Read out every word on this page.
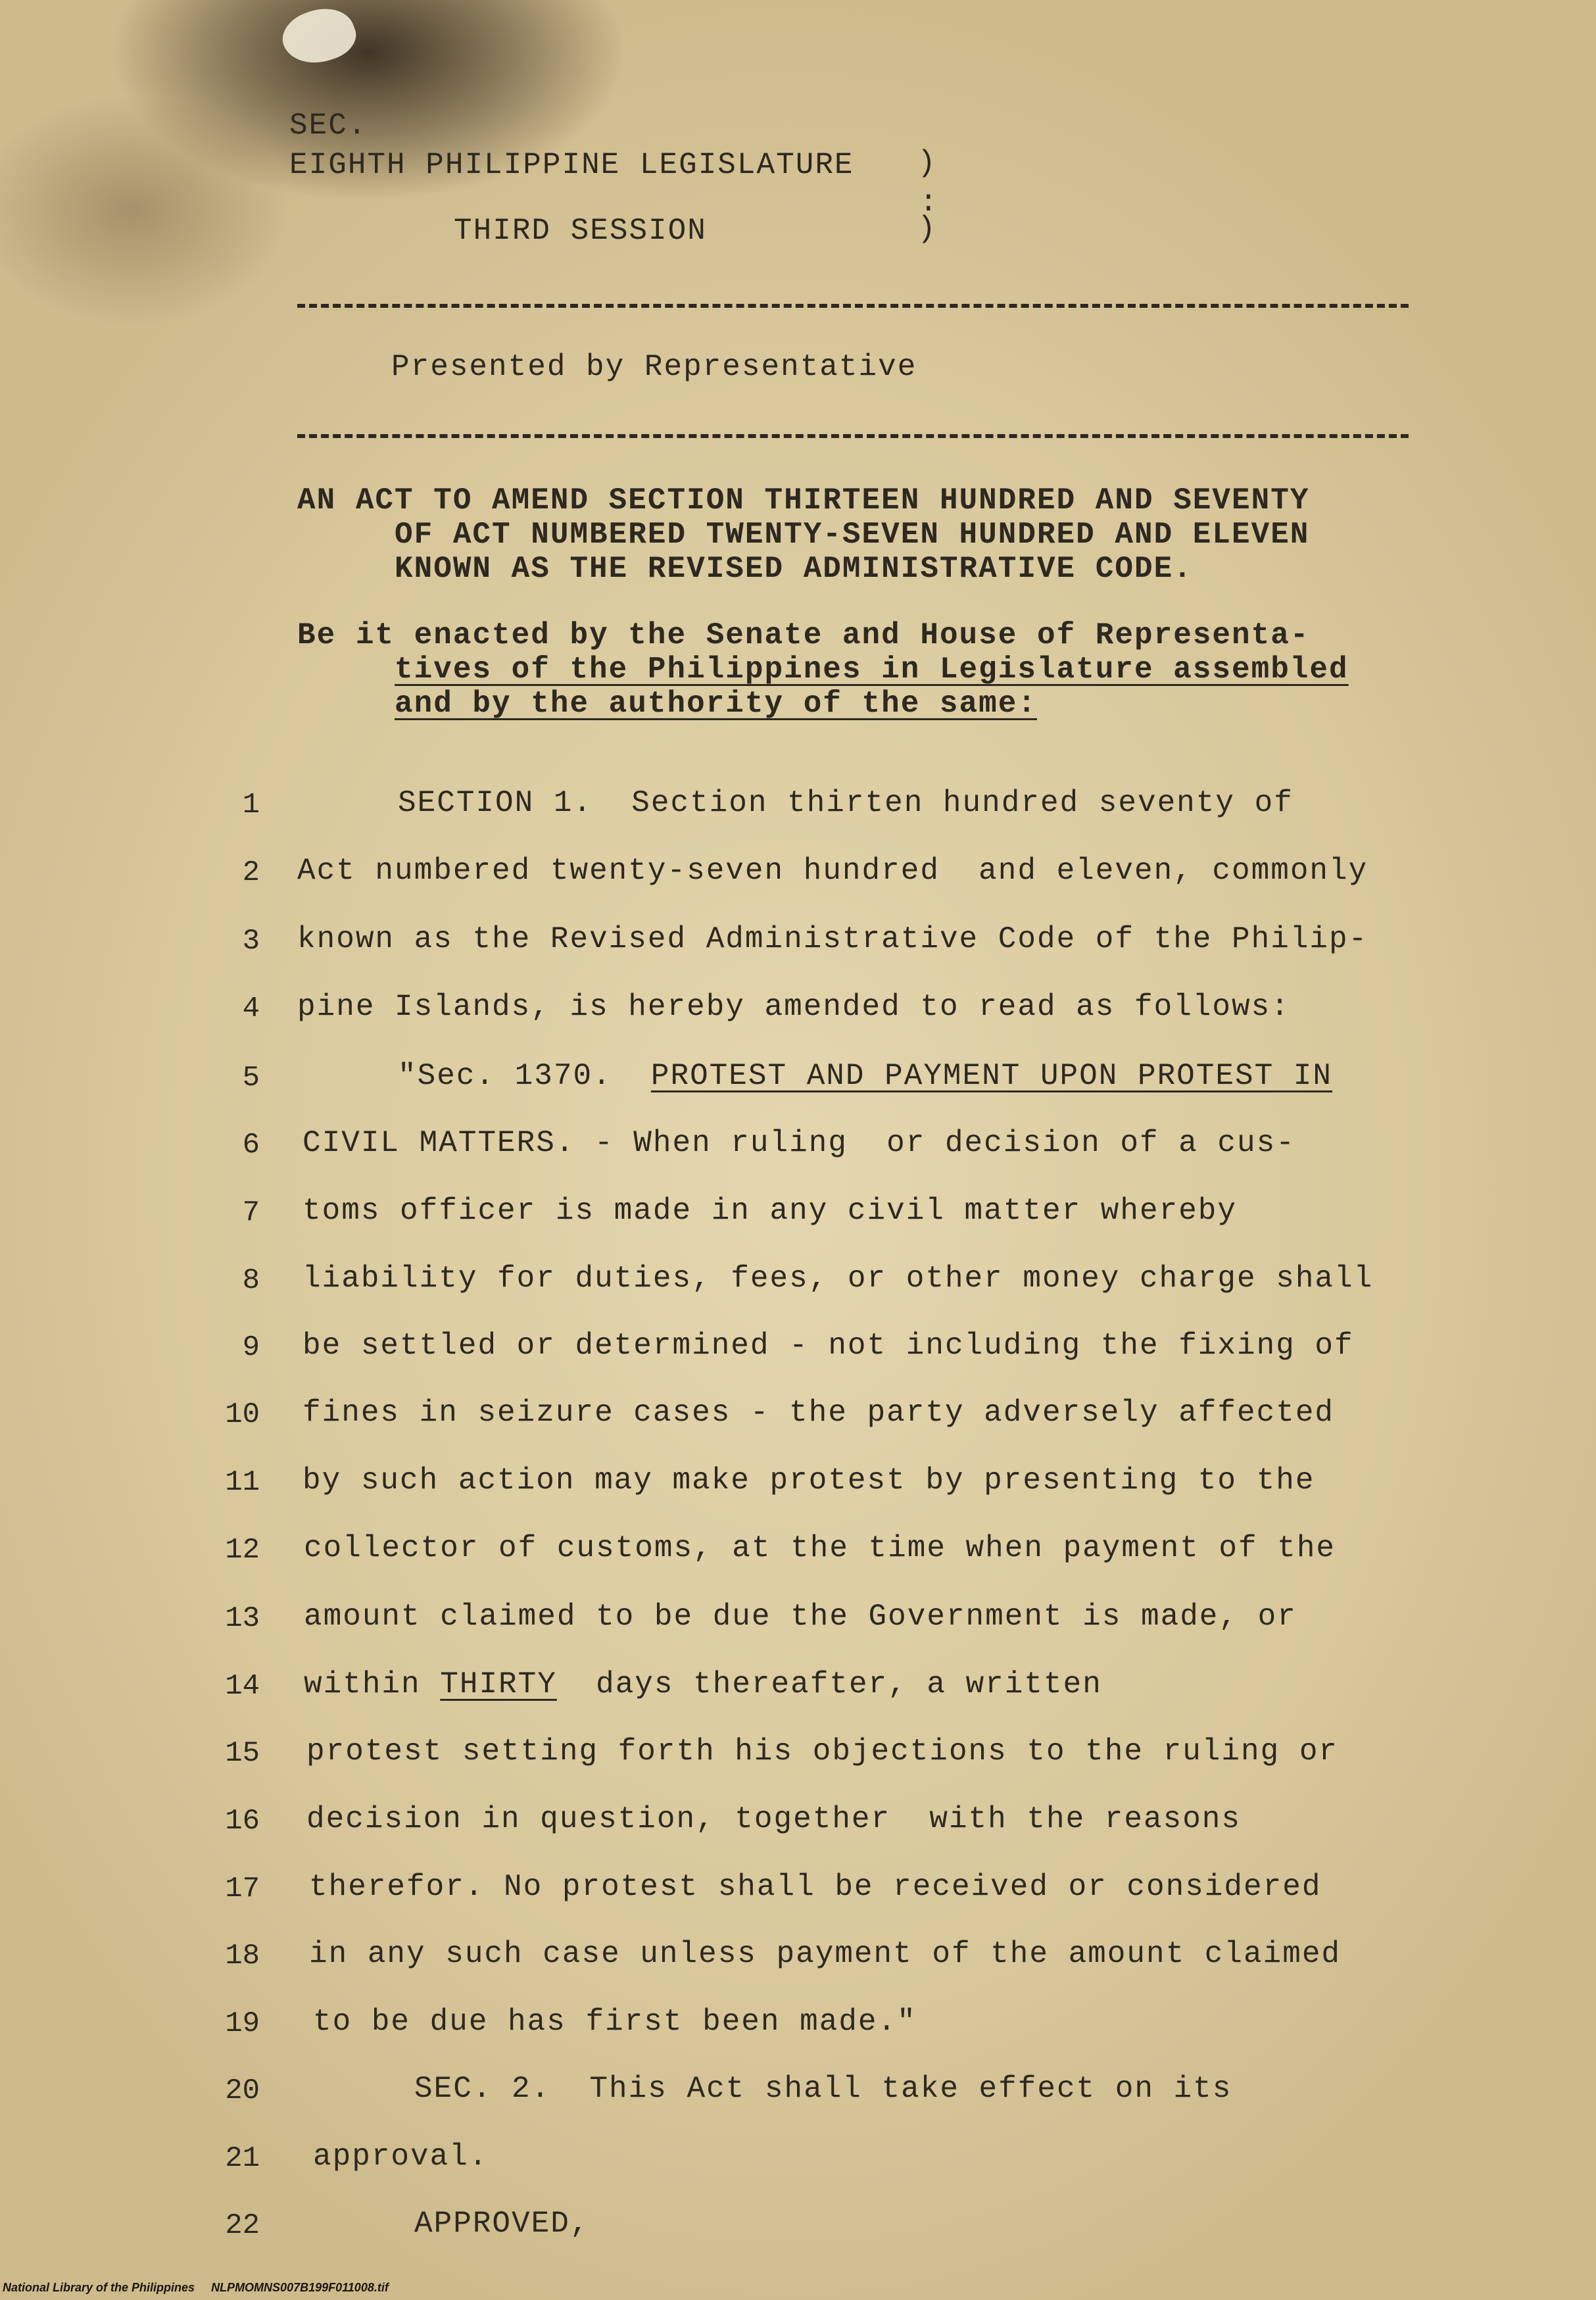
SEC.
EIGHTH PHILIPPINE LEGISLATURE )
:
THIRD SESSION	)
Presented by Representative
AN ACT TO AMEND SECTION THIRTEEN HUNDRED AND SEVENTY
OF ACT NUMBERED TWENTY-SEVEN HUNDRED AND ELEVEN
KNOWN AS THE REVISED ADMINISTRATIVE CODE.
Be it enacted by the Senate and House of Representa-
tives of the Philippines in Legislature assembled
and by the authority of the same:
1	SECTION 1.  Section thirten hundred seventy of
2 Act numbered twenty-seven hundred  and eleven, commonly
3 known as the Revised Administrative Code of the Philip-
4 pine Islands, is hereby amended to read as follows:
5	"Sec. 1370.  PROTEST AND PAYMENT UPON PROTEST IN
6 CIVIL MATTERS. - When ruling  or decision of a cus-
7 toms officer is made in any civil matter whereby
8 liability for duties, fees, or other money charge shall
9 be settled or determined - not including the fixing of
10 fines in seizure cases - the party adversely affected
11 by such action may make protest by presenting to the
12 collector of customs, at the time when payment of the
13 amount claimed to be due the Government is made, or
14 within THIRTY  days thereafter, a written
15 protest setting forth his objections to the ruling or
16 decision in question, together  with the reasons
17 therefor. No protest shall be received or considered
18 in any such case unless payment of the amount claimed
19 to be due has first been made."
20	SEC. 2.  This Act shall take effect on its
21 approval.
22	APPROVED,
National Library of the Philippines NLPMOMNS007B199F011008.tif
